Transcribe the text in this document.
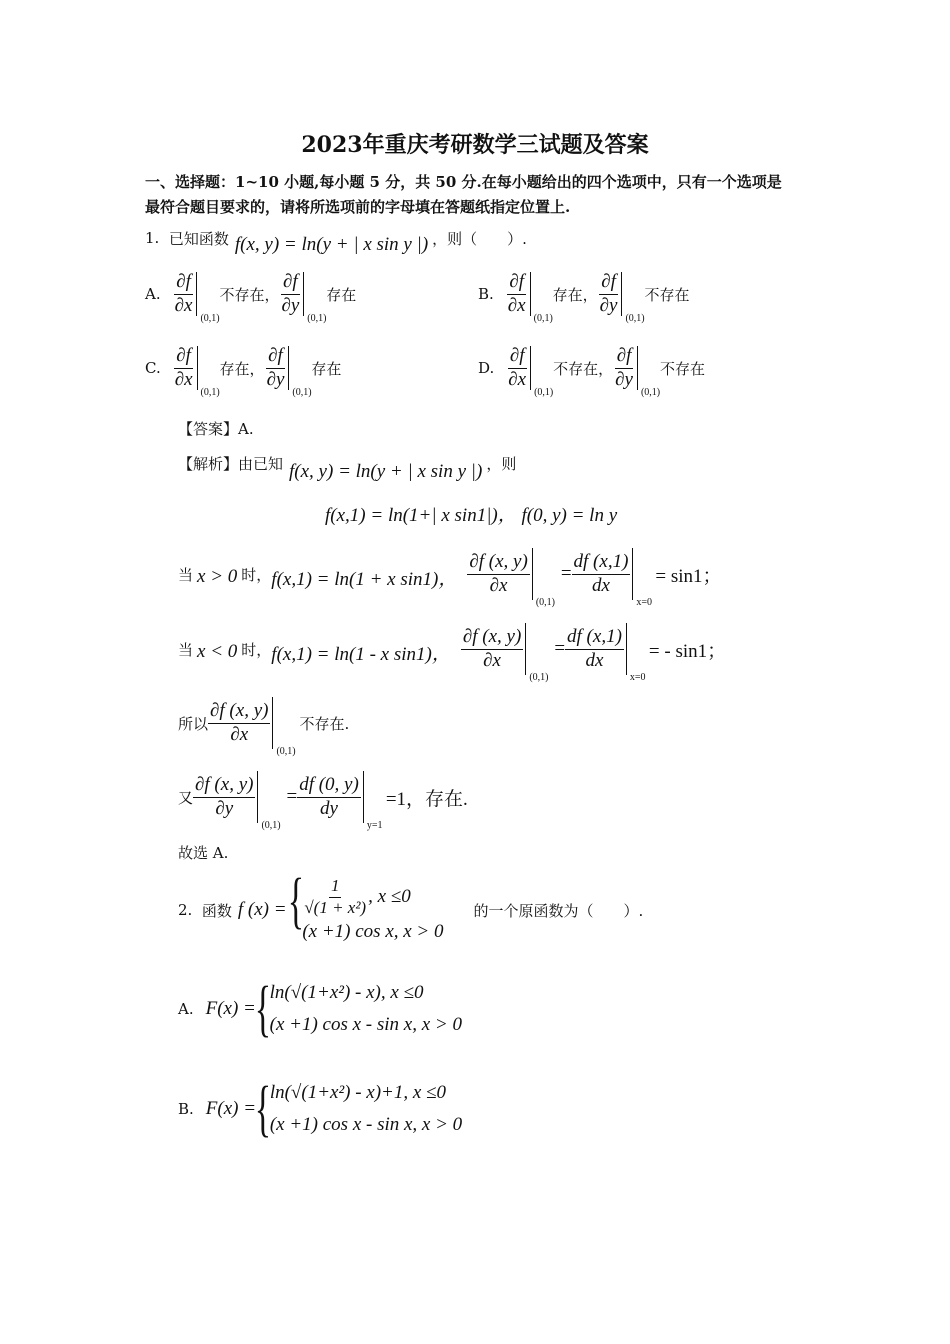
2023年重庆考研数学三试题及答案
一、选择题：1~10 小题,每小题 5 分，共 50 分.在每小题给出的四个选项中，只有一个选项是
最符合题目要求的，请将所选项前的字母填在答题纸指定位置上.
1.
已知函数 f(x, y) = ln(y + | x sin y |) ，则（　　）.
A. $\frac{\partial f}{\partial x}$
(0,1)
不存在， $\frac{\partial f}{\partial y}$
(0,1)
存在	B. $\frac{\partial f}{\partial x}$
(0,1)
存在， $\frac{\partial f}{\partial y}$
(0,1)
不存在
C. $\frac{\partial f}{\partial x}$
(0,1)
存在， $\frac{\partial f}{\partial y}$
(0,1)
存在	D. $\frac{\partial f}{\partial x}$
(0,1)
不存在， $\frac{\partial f}{\partial y}$
(0,1)
不存在
【答案】A.
【解析】由已知 f(x, y) = ln(y + | x sin y |) ，则
f(x,1) = ln(1+| x sin1|)， f(0, y) = ln y
当 x > 0 时， f(x,1) = ln(1 + x sin1)， $\frac{\partial f (x, y)}{\partial x}$
(0,1)
= $\frac{df (x,1)}{dx}$
x=0
= sin1；
当 x < 0 时， f(x,1) = ln(1 - x sin1)， $\frac{\partial f (x, y)}{\partial x}$
(0,1)
= $\frac{df (x,1)}{dx}$
x=0
= - sin1；
所以 $\frac{\partial f (x, y)}{\partial x}$
(0,1)
不存在.
又 $\frac{\partial f (x, y)}{\partial y}$
(0,1)
= $\frac{df (0, y)}{dy}$
y=1
=1，存在.
故选 A.
2.
函数 f (x) = {
$\frac{1}{\text{√(1 + x²)}}$ , x ≤0
(x +1) cos x, x > 0
的一个原函数为（　　）.
A. F(x) =
{
ln(√(1+x²) - x), x ≤0
(x +1) cos x - sin x, x > 0
B. F(x) =
{
ln(√(1+x²) - x)+1, x ≤0
(x +1) cos x - sin x, x > 0
